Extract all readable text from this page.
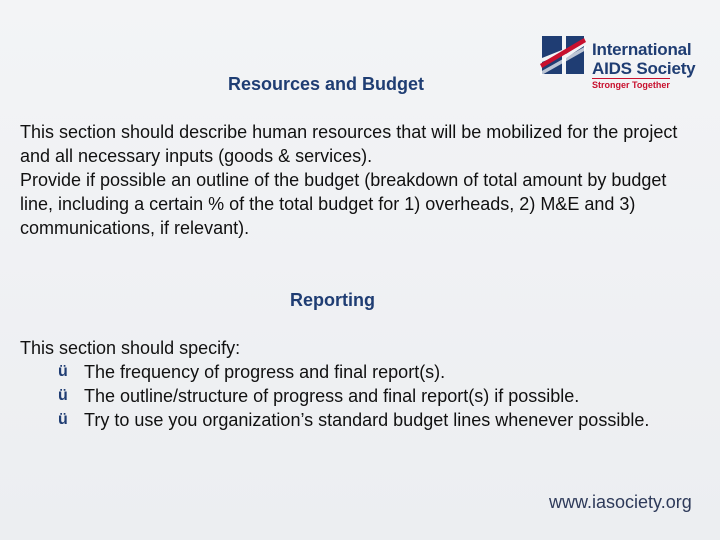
International
AIDS Society
Stronger Together
Resources and Budget
This section should describe human resources that will be mobilized for the project and all necessary inputs (goods & services).
Provide if possible an outline of the budget (breakdown of total amount by budget line, including a certain % of the total budget for 1) overheads, 2) M&E and 3) communications, if relevant).
Reporting
This section should specify:
ü The frequency of progress and final report(s).
ü The outline/structure of progress and final report(s) if possible.
ü Try to use you organization’s standard budget lines whenever possible.
www.iasociety.org
